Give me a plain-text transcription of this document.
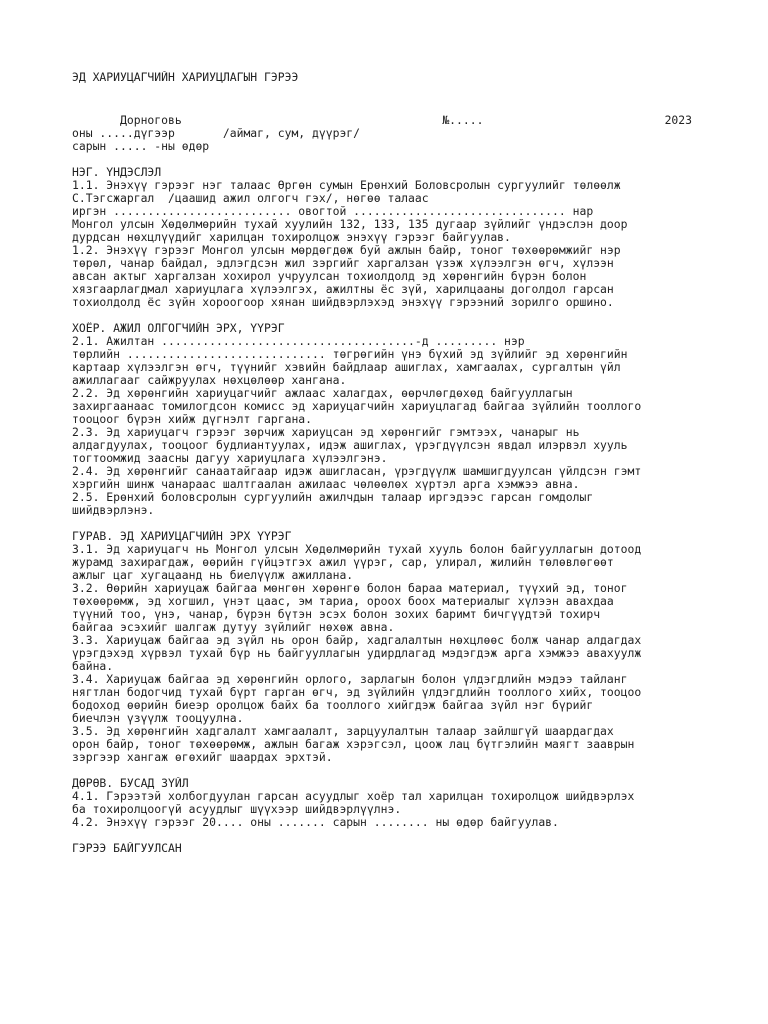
ЭД ХАРИУЦАГЧИЙН ХАРИУЦЛАГЫН ГЭРЭЭ
Дорноговь	№.....	2023
оны .....дүгээр       /аймаг, сум, дүүрэг/
сарын ..... -ны өдөр
НЭГ. ҮНДЭСЛЭЛ
1.1. Энэхүү гэрээг нэг талаас Өргөн сумын Ерөнхий Боловсролын сургуулийг төлөөлж
С.Тэгсжаргал  /цаашид ажил олгогч гэх/, нөгөө талаас
иргэн .......................... овогтой ............................... нар
Монгол улсын Хөдөлмөрийн тухай хуулийн 132, 133, 135 дугаар зүйлийг үндэслэн доор
дурдсан нөхцлүүдийг харилцан тохиролцож энэхүү гэрээг байгуулав.
1.2. Энэхүү гэрээг Монгол улсын мөрдөгдөж буй ажлын байр, тоног төхөөрөмжийг нэр
төрөл, чанар байдал, эдлэгдсэн жил зэргийг харгалзан үзэж хүлээлгэн өгч, хүлээн
авсан актыг харгалзан хохирол учруулсан тохиолдолд эд хөрөнгийн бүрэн болон
хязгаарлагдмал хариуцлага хүлээлгэх, ажилтны ёс зүй, харилцааны доголдол гарсан
тохиолдолд ёс зүйн хороогоор хянан шийдвэрлэхэд энэхүү гэрээний зорилго оршино.
ХОЁР. АЖИЛ ОЛГОГЧИЙН ЭРХ, ҮҮРЭГ
2.1. Ажилтан .....................................-д ......... нэр
төрлийн ............................. төгрөгийн үнэ бүхий эд зүйлийг эд хөрөнгийн
картаар хүлээлгэн өгч, түүнийг хэвийн байдлаар ашиглах, хамгаалах, сургалтын үйл
ажиллагааг сайжруулах нөхцөлөөр хангана.
2.2. Эд хөрөнгийн хариуцагчийг ажлаас халагдах, өөрчлөгдөхөд байгууллагын
захиргаанаас томилогдсон комисс эд хариуцагчийн хариуцлагад байгаа зүйлийн тооллого
тооцоог бүрэн хийж дүгнэлт гаргана.
2.3. Эд хариуцагч гэрээг зөрчиж хариуцсан эд хөрөнгийг гэмтээх, чанарыг нь
алдагдуулах, тооцоог будлиантуулах, идэж ашиглах, үрэгдүүлсэн явдал илэрвэл хууль
тогтоомжид заасны дагуу хариуцлага хүлээлгэнэ.
2.4. Эд хөрөнгийг санаатайгаар идэж ашигласан, үрэгдүүлж шамшигдуулсан үйлдсэн гэмт
хэргийн шинж чанараас шалтгаалан ажилаас чөлөөлөх хүртэл арга хэмжээ авна.
2.5. Ерөнхий боловсролын сургуулийн ажилчдын талаар иргэдээс гарсан гомдолыг
шийдвэрлэнэ.
ГУРАВ. ЭД ХАРИУЦАГЧИЙН ЭРХ ҮҮРЭГ
3.1. Эд хариуцагч нь Монгол улсын Хөдөлмөрийн тухай хууль болон байгууллагын дотоод
журамд захирагдаж, өөрийн гүйцэтгэх ажил үүрэг, сар, улирал, жилийн төлөвлөгөөт
ажлыг цаг хугацаанд нь биелүүлж ажиллана.
3.2. Өөрийн хариуцаж байгаа мөнгөн хөрөнгө болон бараа материал, түүхий эд, тоног
төхөөрөмж, эд хогшил, үнэт цаас, эм тариа, ороох боох материалыг хүлээн авахдаа
түүний тоо, үнэ, чанар, бүрэн бүтэн эсэх болон зохих баримт бичгүүдтэй тохирч
байгаа эсэхийг шалгаж дутуу зүйлийг нөхөж авна.
3.3. Хариуцаж байгаа эд зүйл нь орон байр, хадгалалтын нөхцлөөс болж чанар алдагдах
үрэгдэхэд хүрвэл тухай бүр нь байгууллагын удирдлагад мэдэгдэж арга хэмжээ авахуулж
байна.
3.4. Хариуцаж байгаа эд хөрөнгийн орлого, зарлагын болон үлдэгдлийн мэдээ тайланг
нягтлан бодогчид тухай бүрт гарган өгч, эд зүйлийн үлдэгдлийн тооллого хийх, тооцоо
бодоход өөрийн биеэр оролцож байх ба тооллого хийгдэж байгаа зүйл нэг бүрийг
биечлэн үзүүлж тооцуулна.
3.5. Эд хөрөнгийн хадгалалт хамгаалалт, зарцуулалтын талаар зайлшгүй шаардагдах
орон байр, тоног төхөөрөмж, ажлын багаж хэрэгсэл, цоож лац бүтгэлийн маягт зааврын
зэргээр хангаж өгөхийг шаардах эрхтэй.
ДӨРӨВ. БУСАД ЗҮЙЛ
4.1. Гэрээтэй холбогдуулан гарсан асуудлыг хоёр тал харилцан тохиролцож шийдвэрлэх
ба тохиролцоогүй асуудлыг шүүхээр шийдвэрлүүлнэ.
4.2. Энэхүү гэрээг 20.... оны ....... сарын ........ ны өдөр байгуулав.
ГЭРЭЭ БАЙГУУЛСАН
